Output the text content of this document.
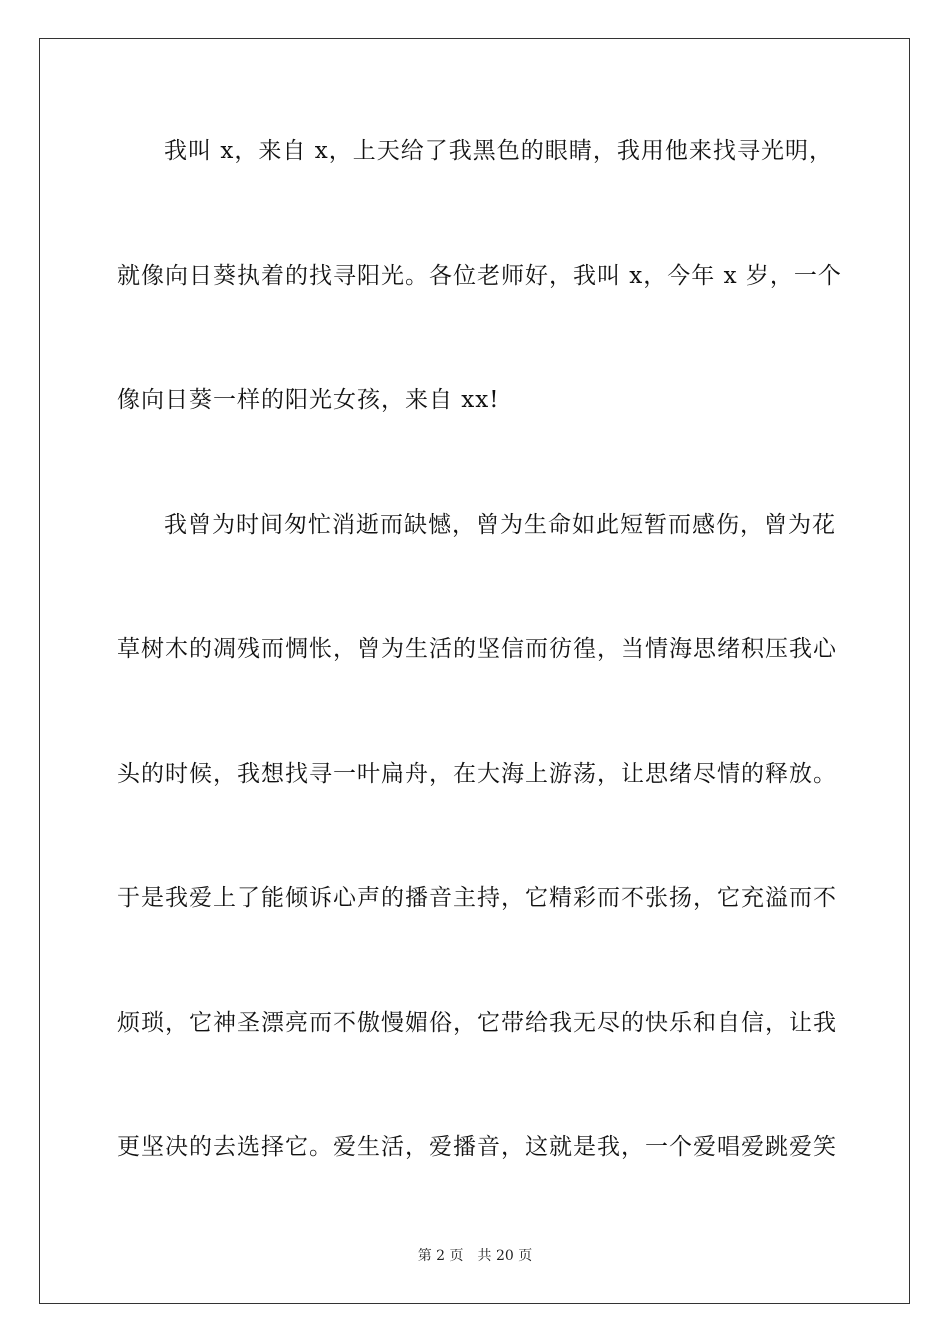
我叫 x，来自 x，上天给了我黑色的眼睛，我用他来找寻光明，
就像向日葵执着的找寻阳光。各位老师好，我叫 x，今年 x 岁，一个
像向日葵一样的阳光女孩，来自 xx!
我曾为时间匆忙消逝而缺憾，曾为生命如此短暂而感伤，曾为花
草树木的凋残而惆怅，曾为生活的坚信而彷徨，当情海思绪积压我心
头的时候，我想找寻一叶扁舟，在大海上游荡，让思绪尽情的释放。
于是我爱上了能倾诉心声的播音主持，它精彩而不张扬，它充溢而不
烦琐，它神圣漂亮而不傲慢媚俗，它带给我无尽的快乐和自信，让我
更坚决的去选择它。爱生活，爱播音，这就是我，一个爱唱爱跳爱笑
第 2 页 共 20 页
